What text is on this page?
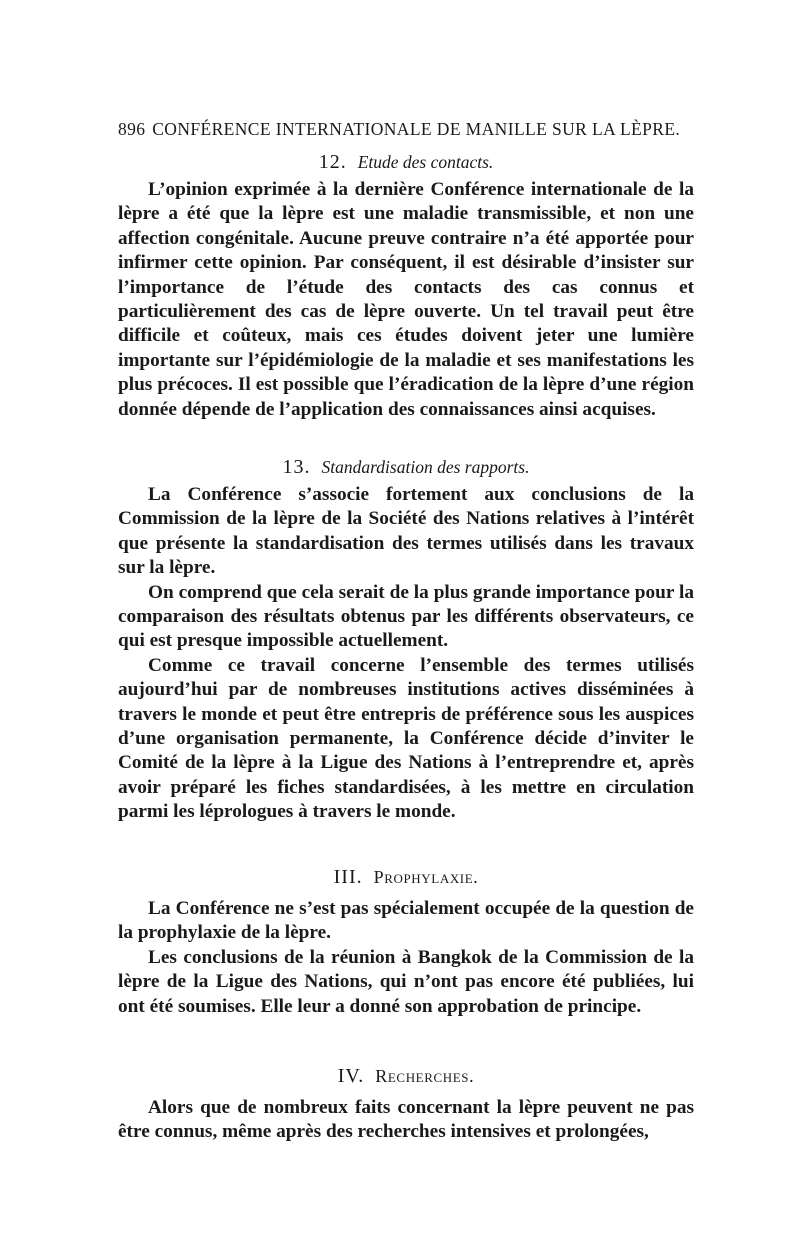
896 CONFÉRENCE INTERNATIONALE DE MANILLE SUR LA LÈPRE.
12. Etude des contacts.

L’opinion exprimée à la dernière Conférence internationale de la lèpre a été que la lèpre est une maladie transmissible, et non une affection congénitale. Aucune preuve contraire n’a été apportée pour infirmer cette opinion. Par conséquent, il est désirable d’insister sur l’importance de l’étude des contacts des cas connus et particulièrement des cas de lèpre ouverte. Un tel travail peut être difficile et coûteux, mais ces études doivent jeter une lumière importante sur l’épidémiologie de la maladie et ses manifestations les plus précoces. Il est possible que l’éradication de la lèpre d’une région donnée dépende de l’application des connaissances ainsi acquises.

13. Standardisation des rapports.

La Conférence s’associe fortement aux conclusions de la Commission de la lèpre de la Société des Nations relatives à l’intérêt que présente la standardisation des termes utilisés dans les travaux sur la lèpre.

On comprend que cela serait de la plus grande importance pour la comparaison des résultats obtenus par les différents observateurs, ce qui est presque impossible actuellement.

Comme ce travail concerne l’ensemble des termes utilisés aujourd’hui par de nombreuses institutions actives disséminées à travers le monde et peut être entrepris de préférence sous les auspices d’une organisation permanente, la Conférence décide d’inviter le Comité de la lèpre à la Ligue des Nations à l’entreprendre et, après avoir préparé les fiches standardisées, à les mettre en circulation parmi les léprologues à travers le monde.

III. Prophylaxie.

La Conférence ne s’est pas spécialement occupée de la question de la prophylaxie de la lèpre.

Les conclusions de la réunion à Bangkok de la Commission de la lèpre de la Ligue des Nations, qui n’ont pas encore été publiées, lui ont été soumises. Elle leur a donné son approbation de principe.

IV. Recherches.

Alors que de nombreux faits concernant la lèpre peuvent ne pas être connus, même après des recherches intensives et prolongées,
